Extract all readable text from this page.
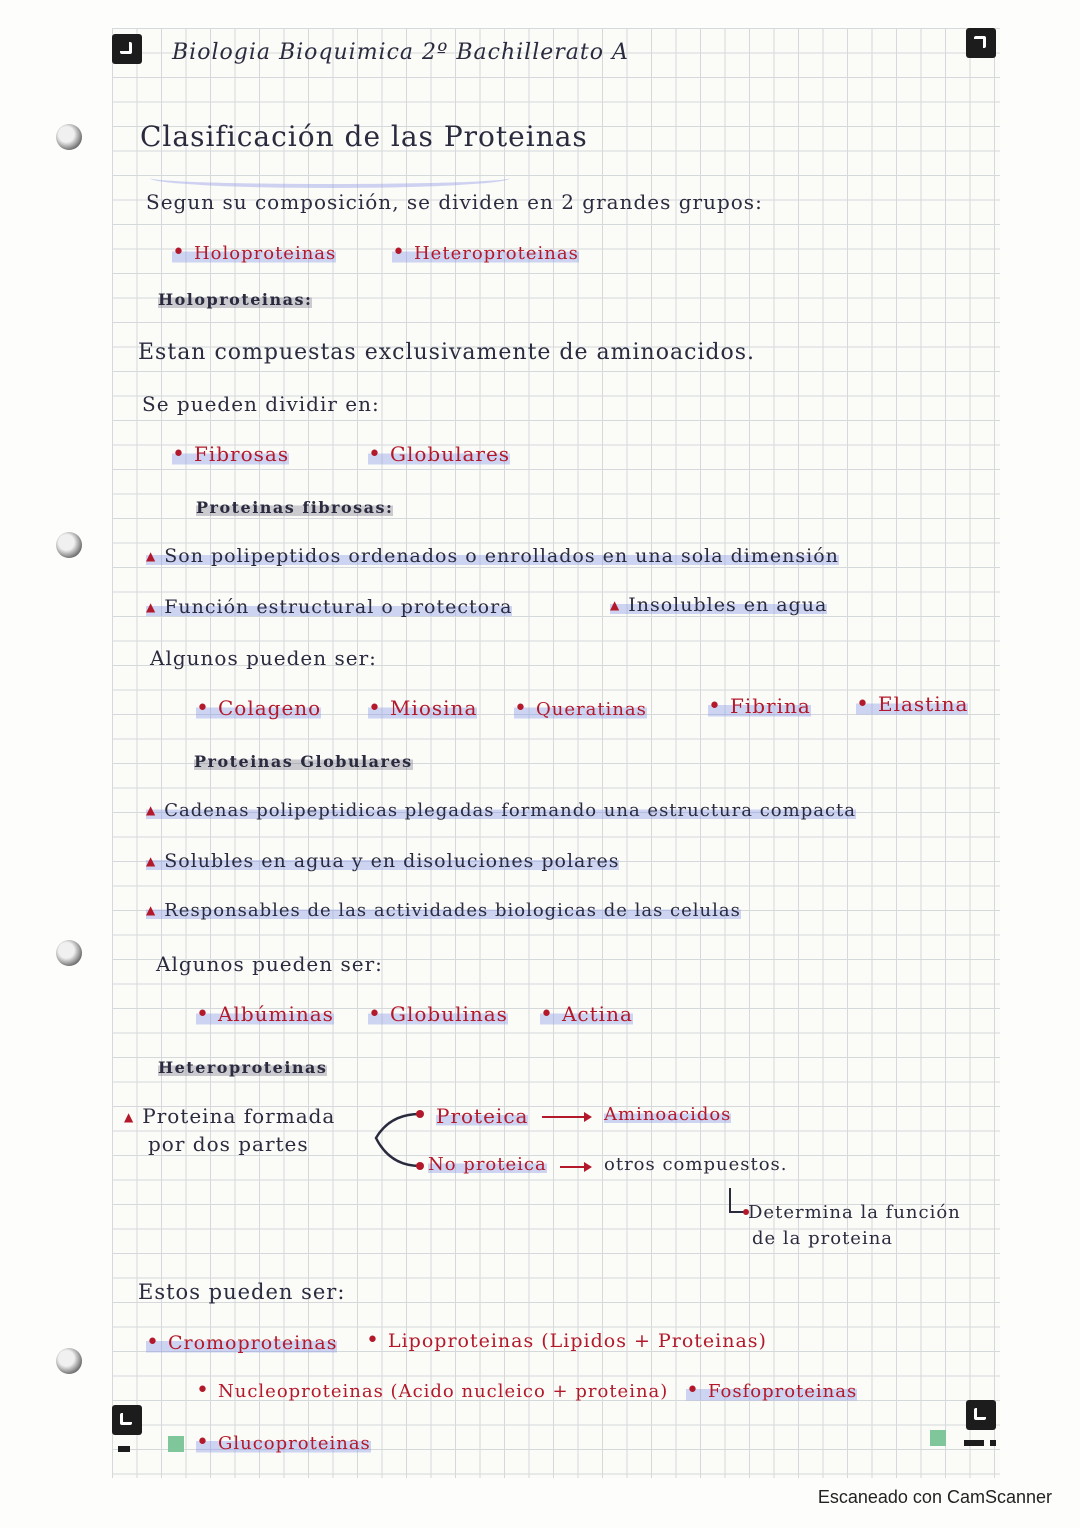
Biologia Bioquimica 2º Bachillerato A
Clasificación de las Proteinas
Segun su composición, se dividen en 2 grandes grupos:
• Holoproteinas	• Heteroproteinas
Holoproteinas:
Estan compuestas exclusivamente de aminoacidos.
Se pueden dividir en:
• Fibrosas	• Globulares
Proteinas fibrosas:
▲ Son polipeptidos ordenados o enrollados en una sola dimensión
▲ Función estructural o protectora	▲ Insolubles en agua
Algunos pueden ser:
• Colageno	• Miosina	• Queratinas	• Fibrina	• Elastina
Proteinas Globulares
▲ Cadenas polipeptidicas plegadas formando una estructura compacta
▲ Solubles en agua y en disoluciones polares
▲ Responsables de las actividades biologicas de las celulas
Algunos pueden ser:
• Albúminas	• Globulinas	• Actina
Heteroproteinas
▲ Proteina formada
por dos partes
Proteica	Aminoacidos
No proteica	otros compuestos.
Determina la función
de la proteina
Estos pueden ser:
• Cromoproteinas	• Lipoproteinas (Lipidos + Proteinas)
• Nucleoproteinas (Acido nucleico + proteina)	• Fosfoproteinas
• Glucoproteinas
Escaneado con CamScanner
